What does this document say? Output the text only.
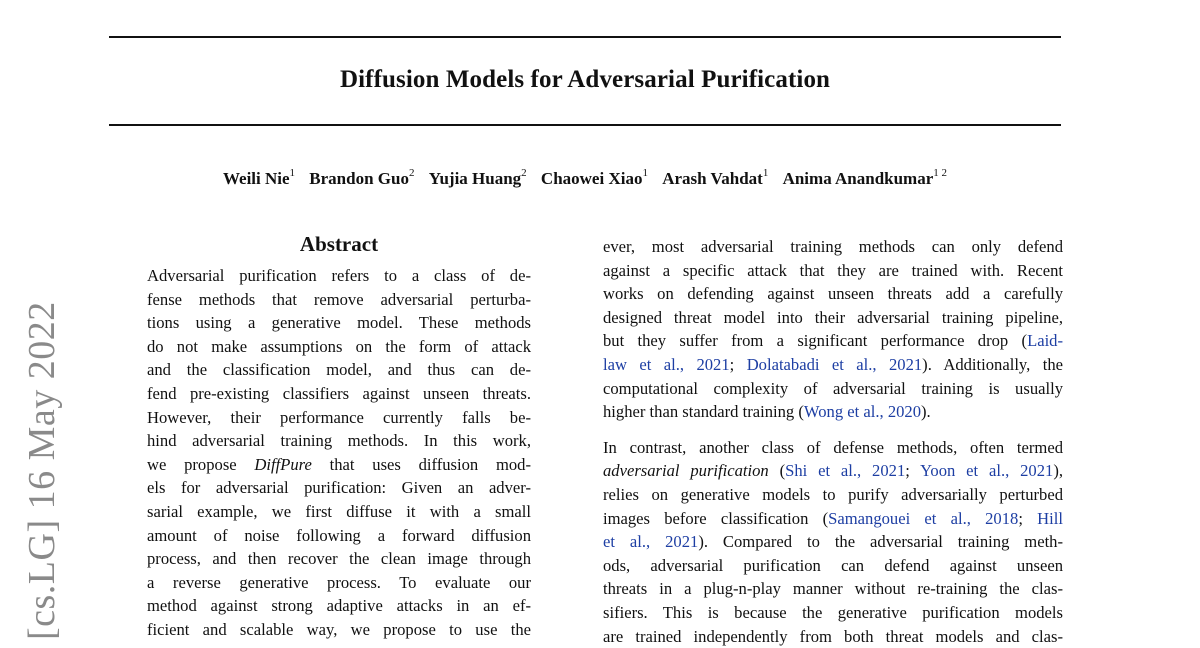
Diffusion Models for Adversarial Purification
Weili Nie$^1$ Brandon Guo$^2$ Yujia Huang$^2$ Chaowei Xiao$^1$ Arash Vahdat$^1$ Anima Anandkumar$^{1 2}$
[cs.LG] 16 May 2022
Abstract
Adversarial purification refers to a class of de-
fense methods that remove adversarial perturba-
tions using a generative model. These methods
do not make assumptions on the form of attack
and the classification model, and thus can de-
fend pre-existing classifiers against unseen threats.
However, their performance currently falls be-
hind adversarial training methods. In this work,
we propose DiffPure that uses diffusion mod-
els for adversarial purification: Given an adver-
sarial example, we first diffuse it with a small
amount of noise following a forward diffusion
process, and then recover the clean image through
a reverse generative process. To evaluate our
method against strong adaptive attacks in an ef-
ficient and scalable way, we propose to use the
ever, most adversarial training methods can only defend
against a specific attack that they are trained with. Recent
works on defending against unseen threats add a carefully
designed threat model into their adversarial training pipeline,
but they suffer from a significant performance drop (Laid-
law et al., 2021; Dolatabadi et al., 2021). Additionally, the
computational complexity of adversarial training is usually
higher than standard training (Wong et al., 2020).
In contrast, another class of defense methods, often termed
adversarial purification (Shi et al., 2021; Yoon et al., 2021),
relies on generative models to purify adversarially perturbed
images before classification (Samangouei et al., 2018; Hill
et al., 2021). Compared to the adversarial training meth-
ods, adversarial purification can defend against unseen
threats in a plug-n-play manner without re-training the clas-
sifiers. This is because the generative purification models
are trained independently from both threat models and clas-
